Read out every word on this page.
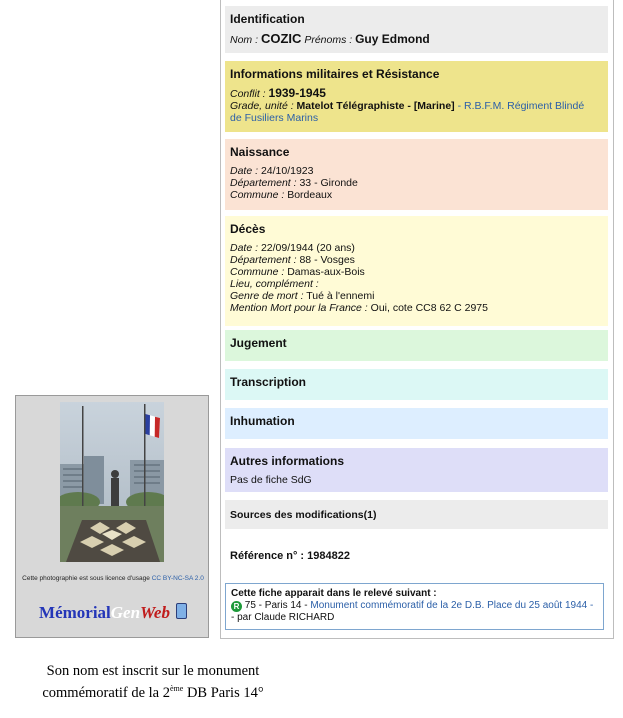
Identification
Nom : COZIC Prénoms : Guy Edmond
Informations militaires et Résistance
Conflit : 1939-1945
Grade, unité : Matelot Télégraphiste - [Marine] - R.B.F.M. Régiment Blindé
de Fusiliers Marins
Naissance
Date : 24/10/1923
Département : 33 - Gironde
Commune : Bordeaux
Décès
Date : 22/09/1944 (20 ans)
Département : 88 - Vosges
Commune : Damas-aux-Bois
Lieu, complément :
Genre de mort : Tué à l'ennemi
Mention Mort pour la France : Oui, cote CC8 62 C 2975
Jugement
Transcription
Inhumation
Autres informations
Pas de fiche SdG
Sources des modifications(1)
Référence n° : 1984822
Cette fiche apparait dans le relevé suivant :
R 75 - Paris 14 - Monument commémoratif de la 2e D.B. Place du 25 août 1944 -
- par Claude RICHARD
Cette photographie est sous licence d'usage CC BY-NC-SA 2.0
MémorialGenWeb
Son nom est inscrit sur le monument
commémoratif de la 2ème DB Paris 14°
